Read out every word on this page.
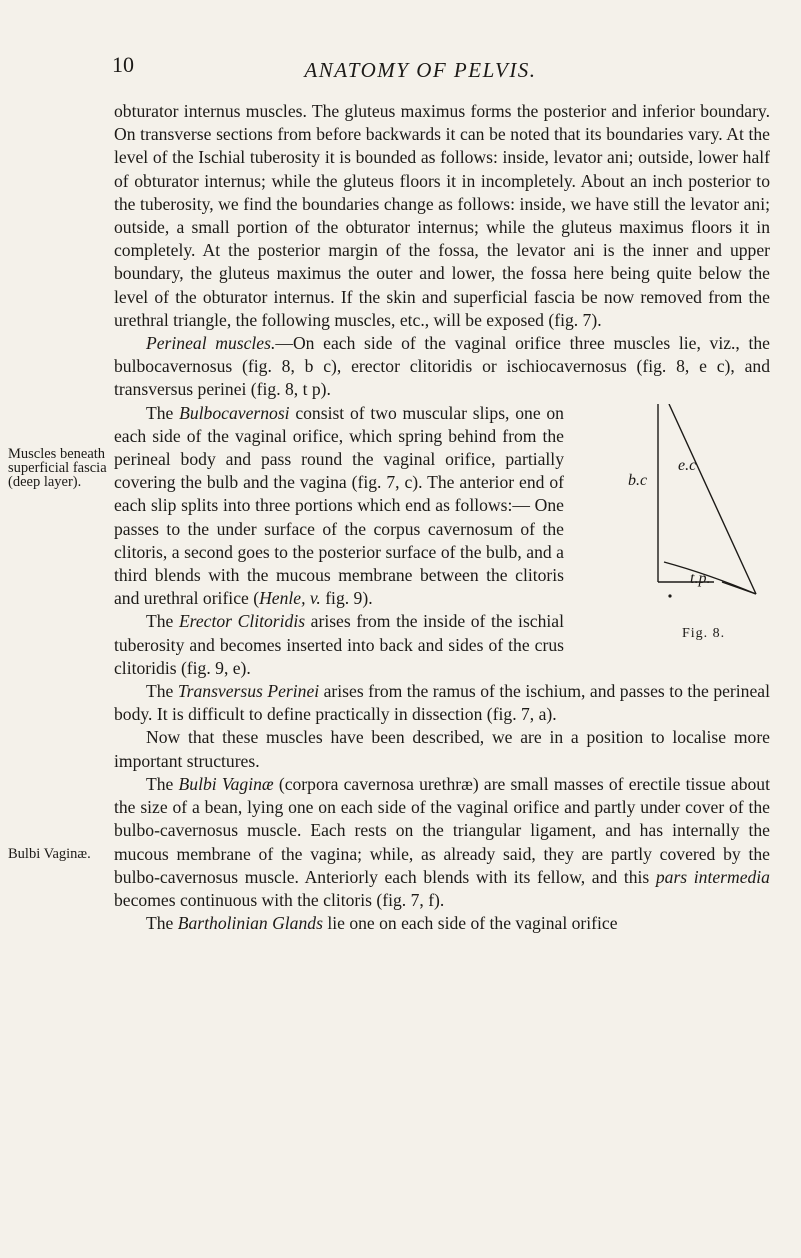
10	ANATOMY OF PELVIS.
Muscles beneath superficial fascia (deep layer).
Bulbi Vaginæ.

obturator internus muscles. The gluteus maximus forms the posterior and inferior boundary. On transverse sections from before backwards it can be noted that its boundaries vary. At the level of the Ischial tuberosity it is bounded as follows: inside, levator ani; outside, lower half of obturator internus; while the gluteus floors it in incompletely. About an inch posterior to the tuberosity, we find the boundaries change as follows: inside, we have still the levator ani; outside, a small portion of the obturator internus; while the gluteus maximus floors it in completely. At the posterior margin of the fossa, the levator ani is the inner and upper boundary, the gluteus maximus the outer and lower, the fossa here being quite below the level of the obturator internus. If the skin and superficial fascia be now removed from the urethral triangle, the following muscles, etc., will be exposed (fig. 7).

Perineal muscles.—On each side of the vaginal orifice three muscles lie, viz., the bulbocavernosus (fig. 8, b c), erector clitoridis or ischiocavernosus (fig. 8, e c), and transversus perinei (fig. 8, t p).

b.c
e.c
t.p.
Fig. 8.

The Bulbocavernosi consist of two muscular slips, one on each side of the vaginal orifice, which spring behind from the perineal body and pass round the vaginal orifice, partially covering the bulb and the vagina (fig. 7, c). The anterior end of each slip splits into three portions which end as follows:— One passes to the under surface of the corpus cavernosum of the clitoris, a second goes to the posterior surface of the bulb, and a third blends with the mucous membrane between the clitoris and urethral orifice (Henle, v. fig. 9).

The Erector Clitoridis arises from the inside of the ischial tuberosity and becomes inserted into back and sides of the crus clitoridis (fig. 9, e).

The Transversus Perinei arises from the ramus of the ischium, and passes to the perineal body. It is difficult to define practically in dissection (fig. 7, a).

Now that these muscles have been described, we are in a position to localise more important structures.

The Bulbi Vaginæ (corpora cavernosa urethræ) are small masses of erectile tissue about the size of a bean, lying one on each side of the vaginal orifice and partly under cover of the bulbo-cavernosus muscle. Each rests on the triangular ligament, and has internally the mucous membrane of the vagina; while, as already said, they are partly covered by the bulbo-cavernosus muscle. Anteriorly each blends with its fellow, and this pars intermedia becomes continuous with the clitoris (fig. 7, f).

The Bartholinian Glands lie one on each side of the vaginal orifice
